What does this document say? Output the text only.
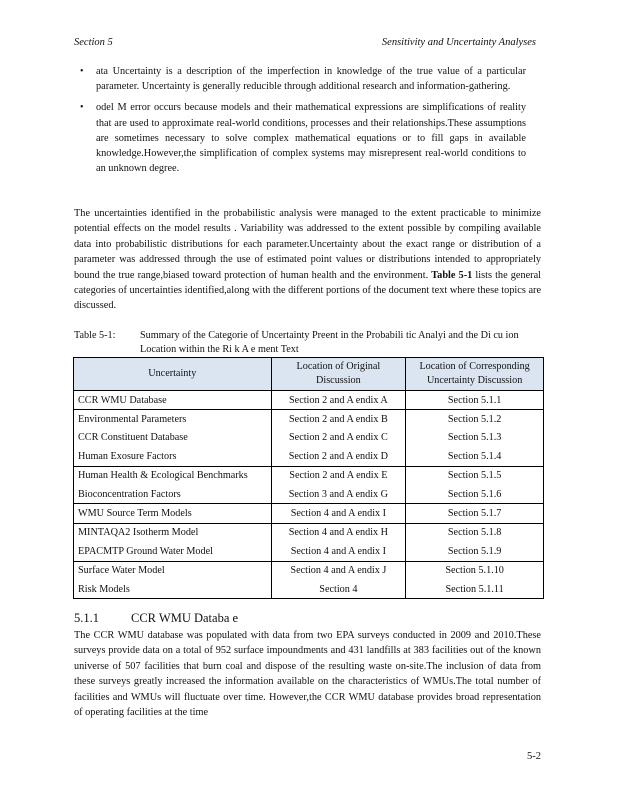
Section 5	Sensitivity and Uncertainty Analyses
• ata Uncertainty is a description of the imperfection in knowledge of the true value of a particular parameter. Uncertainty is generally reducible through additional research and information-gathering.
• odel M error occurs because models and their mathematical expressions are simplifications of reality that are used to approximate real-world conditions, processes and their relationships.These assumptions are sometimes necessary to solve complex mathematical equations or to fill gaps in available knowledge.However,the simplification of complex systems may misrepresent real-world conditions to an unknown degree.
The uncertainties identified in the probabilistic analysis were managed to the extent practicable to minimize potential effects on the model results . Variability was addressed to the extent possible by compiling available data into probabilistic distributions for each parameter.Uncertainty about the exact range or distribution of a parameter was addressed through the use of estimated point values or distributions intended to appropriately bound the true range,biased toward protection of human health and the environment. Table 5-1 lists the general categories of uncertainties identified,along with the different portions of the document text where these topics are discussed.
Table 5-1: Summary of the Categorie of Uncertainty Preent in the Probabili tic Analyi and the Di cu ion Location within the Ri k A e ment Text
Uncertainty	Location of Original Discussion	Location of Corresponding Uncertainty Discussion
CCR WMU Database	Section 2 and A endix A	Section 5.1.1
Environmental Parameters	Section 2 and A endix B	Section 5.1.2
CCR Constituent Database	Section 2 and A endix C	Section 5.1.3
Human Exosure Factors	Section 2 and A endix D	Section 5.1.4
Human Health & Ecological Benchmarks	Section 2 and A endix E	Section 5.1.5
Bioconcentration Factors	Section 3 and A endix G	Section 5.1.6
WMU Source Term Models	Section 4 and A endix I	Section 5.1.7
MINTAQA2 Isotherm Model	Section 4 and A endix H	Section 5.1.8
EPACMTP Ground Water Model	Section 4 and A endix I	Section 5.1.9
Surface Water Model	Section 4 and A endix J	Section 5.1.10
Risk Models	Section 4	Section 5.1.11
5.1.1	CCR WMU Databa e
The CCR WMU database was populated with data from two EPA surveys conducted in 2009 and 2010.These surveys provide data on a total of 952 surface impoundments and 431 landfills at 383 facilities out of the known universe of 507 facilities that burn coal and dispose of the resulting waste on-site.The inclusion of data from these surveys greatly increased the information available on the characteristics of WMUs.The total number of facilities and WMUs will fluctuate over time. However,the CCR WMU database provides broad representation of operating facilities at the time
5-2
